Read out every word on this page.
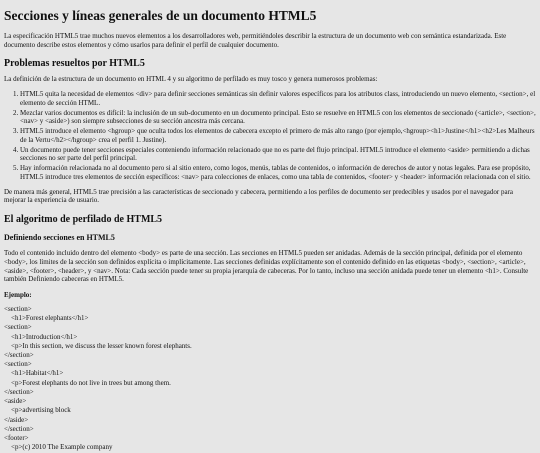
Secciones y líneas generales de un documento HTML5

La especificación HTML5 trae muchos nuevos elementos a los desarrolladores web, permitiéndoles describir la estructura de un documento web con semántica estandarizada. Este documento describe estos elementos y cómo usarlos para definir el perfil de cualquier documento.

Problemas resueltos por HTML5

La definición de la estructura de un documento en HTML 4 y su algoritmo de perfilado es muy tosco y genera numerosos problemas:

1. HTML5 quita la necesidad de elementos <div> para definir secciones semánticas sin definir valores específicos para los atributos class, introduciendo un nuevo elemento, <section>, el elemento de sección HTML.
2. Mezclar varios documentos es difícil: la inclusión de un sub-documento en un documento principal. Esto se resuelve en HTML5 con los elementos de seccionado (<article>, <section>, <nav> y <aside>) son siempre subsecciones de su sección ancestra más cercana.
3. HTML5 introduce el elemento <hgroup> que oculta todos los elementos de cabecera excepto el primero de más alto rango (por ejemplo,<hgroup><h1>Justine</h1><h2>Les Malheurs de la Vertu</h2></hgroup> crea el perfil 1. Justine).
4. Un documento puede tener secciones especiales conteniendo información relacionado que no es parte del flujo principal. HTML5 introduce el elemento <aside> permitiendo a dichas secciones no ser parte del perfil principal.
5. Hay información relacionada no al documento pero si al sitio entero, como logos, menús, tablas de contenidos, o información de derechos de autor y notas legales. Para ese propósito, HTML5 introduce tres elementos de sección específicos: <nav> para colecciones de enlaces, como una tabla de contenidos, <footer> y <header> información relacionada con el sitio.

De manera más general, HTML5 trae precisión a las características de seccionado y cabecera, permitiendo a los perfiles de documento ser predecibles y usados por el navegador para mejorar la experiencia de usuario.

El algoritmo de perfilado de HTML5
Definiendo secciones en HTML5

Todo el contenido incluido dentro del elemento <body> es parte de una sección. Las secciones en HTML5 pueden ser anidadas. Además de la sección principal, definida por el elemento <body>, los límites de la sección son definidos explícita o implícitamente. Las secciones definidas explícitamente son el contenido definido en las etiquetas <body>, <section>, <article>, <aside>, <footer>, <header>, y <nav>. Nota: Cada sección puede tener su propia jerarquía de cabeceras. Por lo tanto, incluso una sección anidada puede tener un elemento <h1>. Consulte también Definiendo cabeceras en HTML5.

Ejemplo:
<section>
<h1>Forest elephants</h1>
<section>
<h1>Introduction</h1>
<p>In this section, we discuss the lesser known forest elephants.
</section>
<section>
<h1>Habitat</h1>
<p>Forest elephants do not live in trees but among them.
</section>
<aside>
<p>advertising block
</aside>
</section>
<footer>
<p>(c) 2010 The Example company
